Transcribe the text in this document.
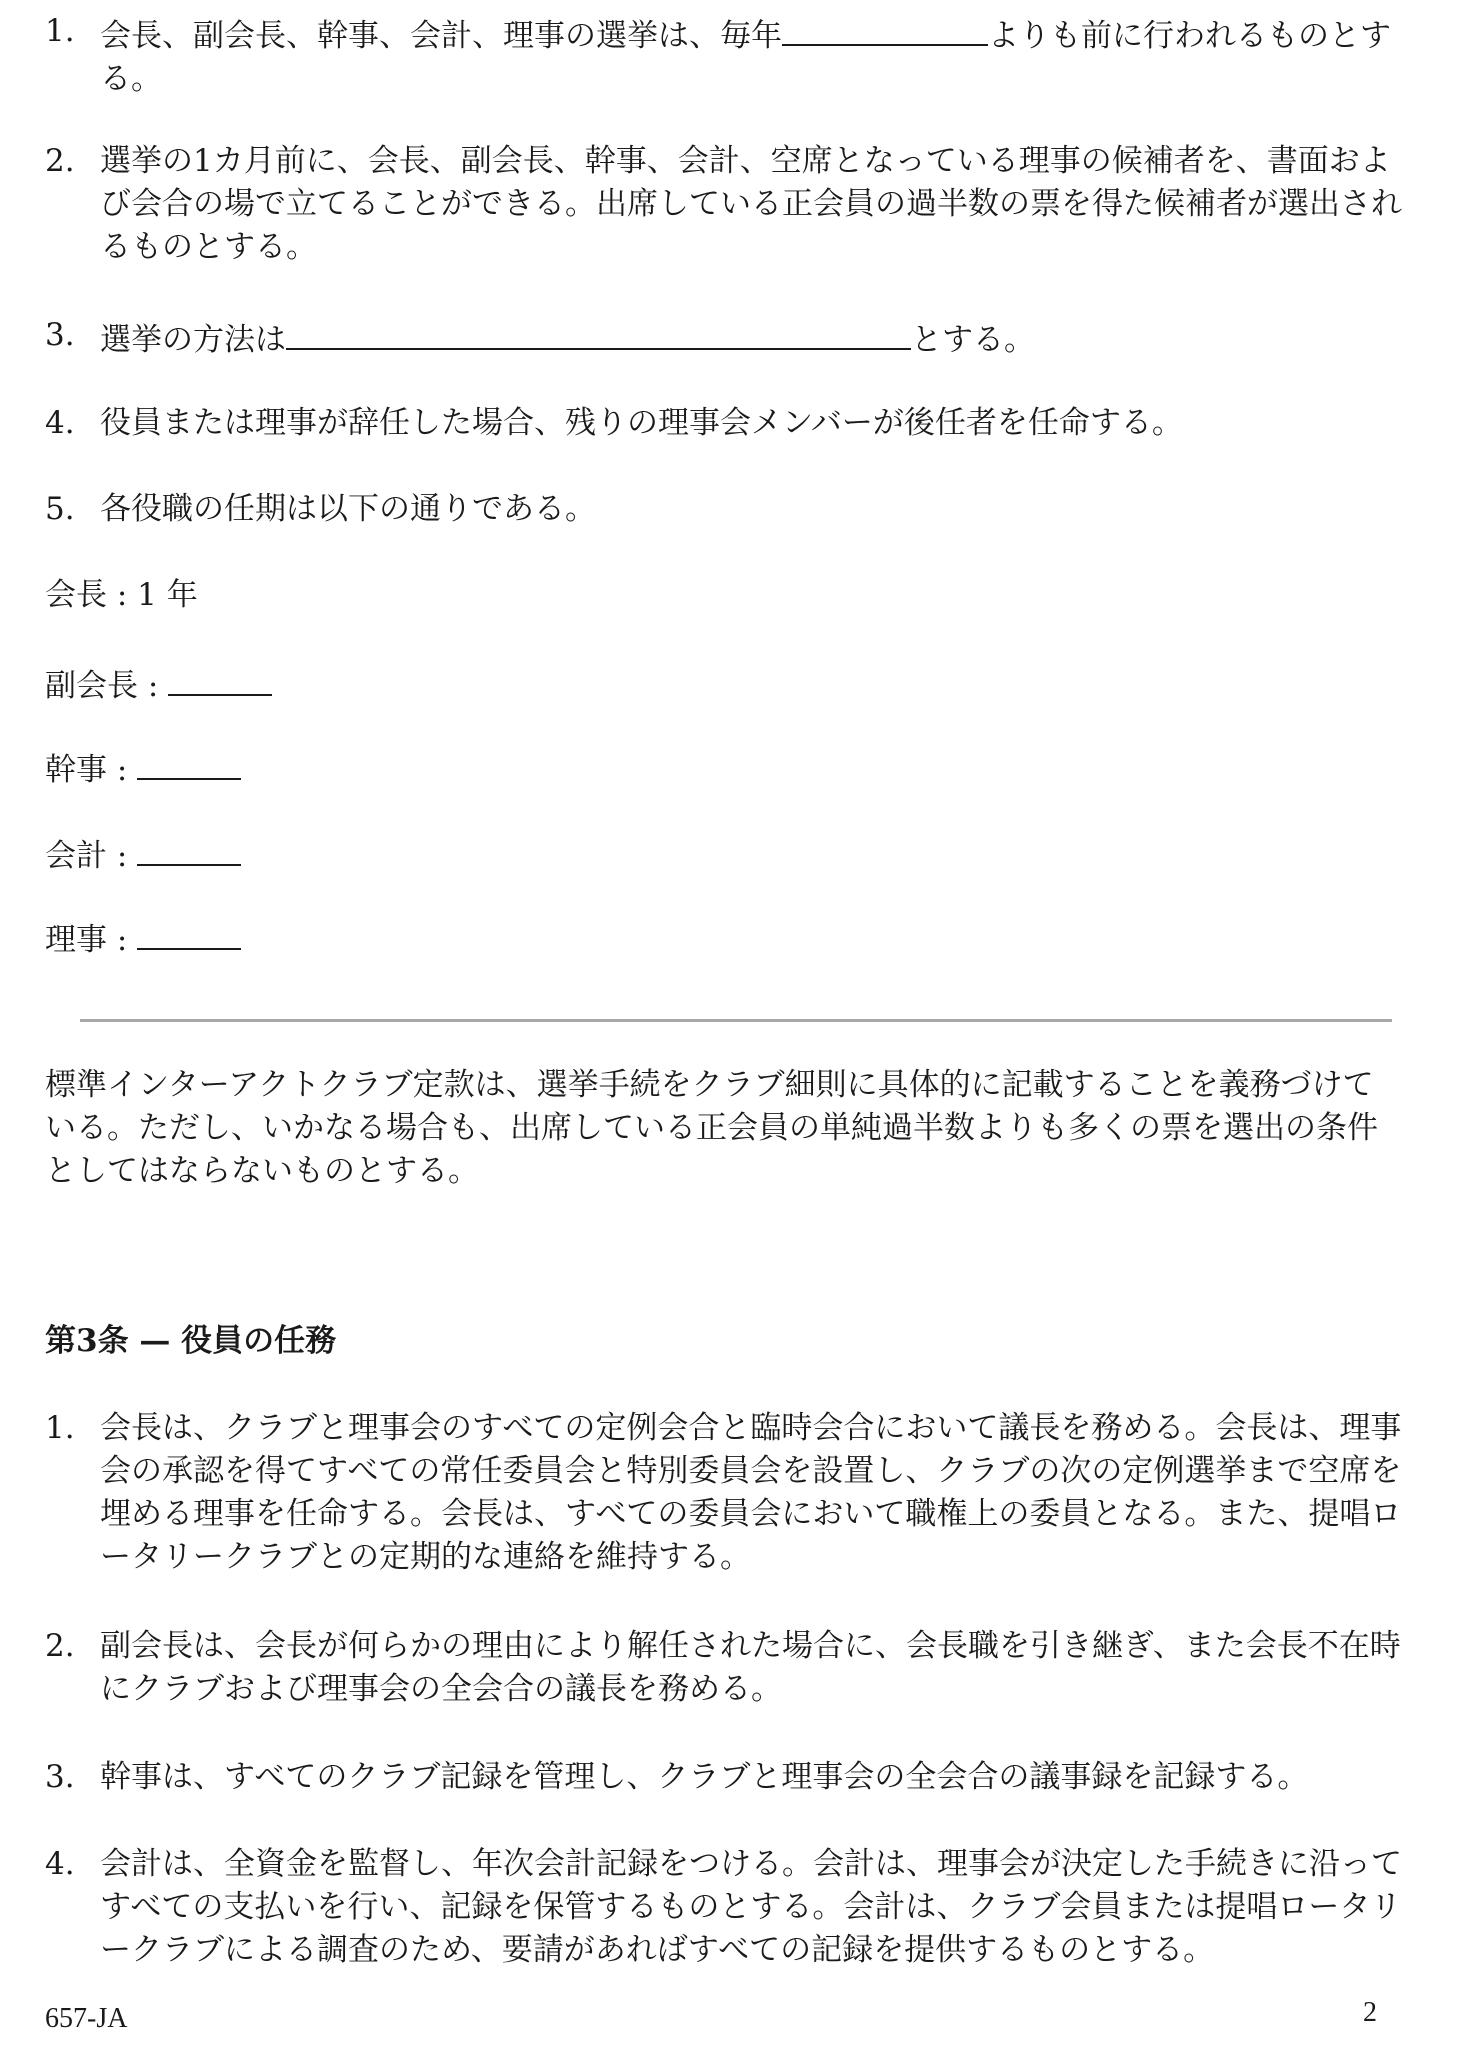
1. 会長、副会長、幹事、会計、理事の選挙は、毎年	よりも前に行われるものとする。

2. 選挙の1カ月前に、会長、副会長、幹事、会計、空席となっている理事の候補者を、書面および会合の場で立てることができる。出席している正会員の過半数の票を得た候補者が選出されるものとする。

3. 選挙の方法は	とする。

4. 役員または理事が辞任した場合、残りの理事会メンバーが後任者を任命する。

5. 各役職の任期は以下の通りである。

会長 : 1 年

副会長 :

幹事 :

会計 :

理事 :

標準インターアクトクラブ定款は、選挙手続をクラブ細則に具体的に記載することを義務づけている。ただし、いかなる場合も、出席している正会員の単純過半数よりも多くの票を選出の条件としてはならないものとする。

第3条 — 役員の任務

1. 会長は、クラブと理事会のすべての定例会合と臨時会合において議長を務める。会長は、理事会の承認を得てすべての常任委員会と特別委員会を設置し、クラブの次の定例選挙まで空席を埋める理事を任命する。会長は、すべての委員会において職権上の委員となる。また、提唱ロータリークラブとの定期的な連絡を維持する。

2. 副会長は、会長が何らかの理由により解任された場合に、会長職を引き継ぎ、また会長不在時にクラブおよび理事会の全会合の議長を務める。

3. 幹事は、すべてのクラブ記録を管理し、クラブと理事会の全会合の議事録を記録する。

4. 会計は、全資金を監督し、年次会計記録をつける。会計は、理事会が決定した手続きに沿ってすべての支払いを行い、記録を保管するものとする。会計は、クラブ会員または提唱ロータリークラブによる調査のため、要請があればすべての記録を提供するものとする。

657-JA	2
